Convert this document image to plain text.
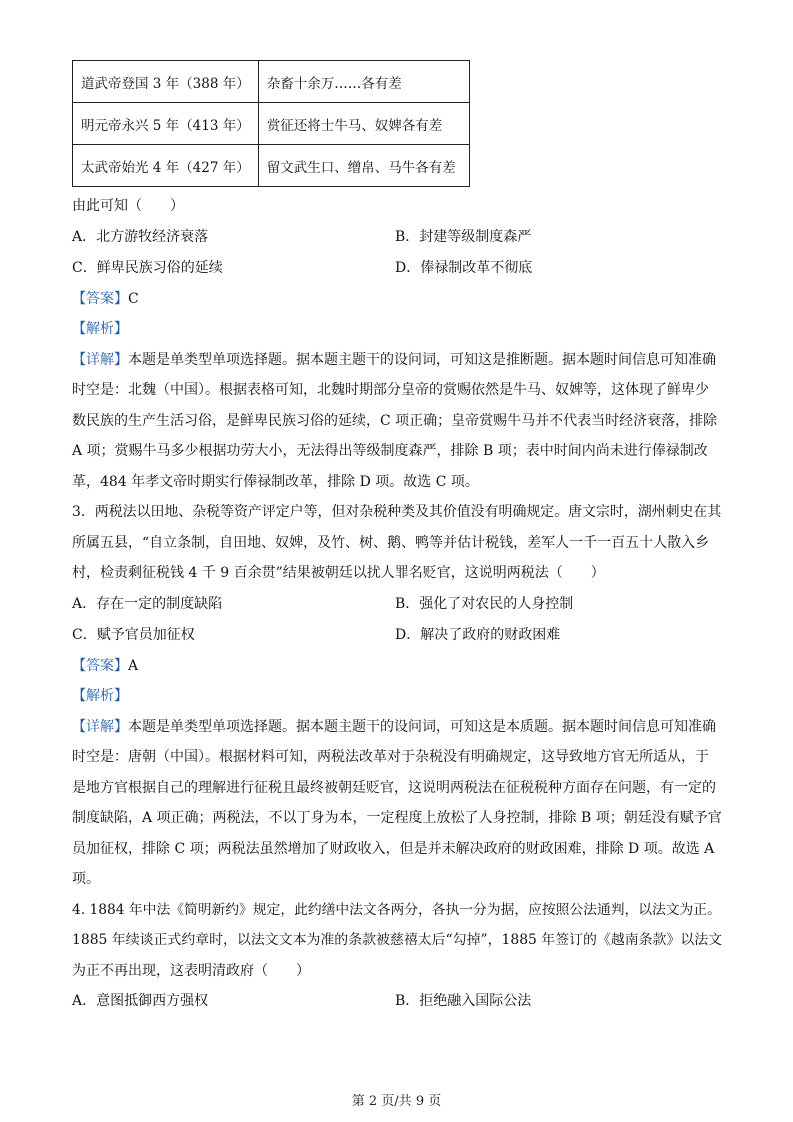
道武帝登国 3 年（388 年）	杂畜十余万……各有差
明元帝永兴 5 年（413 年）	赏征还将士牛马、奴婢各有差
太武帝始光 4 年（427 年）	留文武生口、缯帛、马牛各有差
由此可知（　　）
A．北方游牧经济衰落	B．封建等级制度森严
C．鲜卑民族习俗的延续	D．俸禄制改革不彻底
【答案】C
【解析】
【详解】本题是单类型单项选择题。据本题主题干的设问词，可知这是推断题。据本题时间信息可知准确
时空是：北魏（中国）。根据表格可知，北魏时期部分皇帝的赏赐依然是牛马、奴婢等，这体现了鲜卑少
数民族的生产生活习俗，是鲜卑民族习俗的延续，C 项正确；皇帝赏赐牛马并不代表当时经济衰落，排除
A 项；赏赐牛马多少根据功劳大小，无法得出等级制度森严，排除 B 项；表中时间内尚未进行俸禄制改
革，484 年孝文帝时期实行俸禄制改革，排除 D 项。故选 C 项。
3．两税法以田地、杂税等资产评定户等，但对杂税种类及其价值没有明确规定。唐文宗时，湖州刺史在其
所属五县，“自立条制，自田地、奴婢，及竹、树、鹅、鸭等并估计税钱，差军人一千一百五十人散入乡
村，检责剩征税钱 4 千 9 百余贯”结果被朝廷以扰人罪名贬官，这说明两税法（　　）
A．存在一定的制度缺陷	B．强化了对农民的人身控制
C．赋予官员加征权	D．解决了政府的财政困难
【答案】A
【解析】
【详解】本题是单类型单项选择题。据本题主题干的设问词，可知这是本质题。据本题时间信息可知准确
时空是：唐朝（中国）。根据材料可知，两税法改革对于杂税没有明确规定，这导致地方官无所适从，于
是地方官根据自己的理解进行征税且最终被朝廷贬官，这说明两税法在征税税种方面存在问题，有一定的
制度缺陷，A 项正确；两税法，不以丁身为本，一定程度上放松了人身控制，排除 B 项；朝廷没有赋予官
员加征权，排除 C 项；两税法虽然增加了财政收入，但是并未解决政府的财政困难，排除 D 项。故选 A
项。
4. 1884 年中法《简明新约》规定，此约缮中法文各两分，各执一分为据，应按照公法通判，以法文为正。
1885 年续谈正式约章时，以法文文本为准的条款被慈禧太后“勾掉”，1885 年签订的《越南条款》以法文
为正不再出现，这表明清政府（　　）
A．意图抵御西方强权	B．拒绝融入国际公法
第 2 页/共 9 页
